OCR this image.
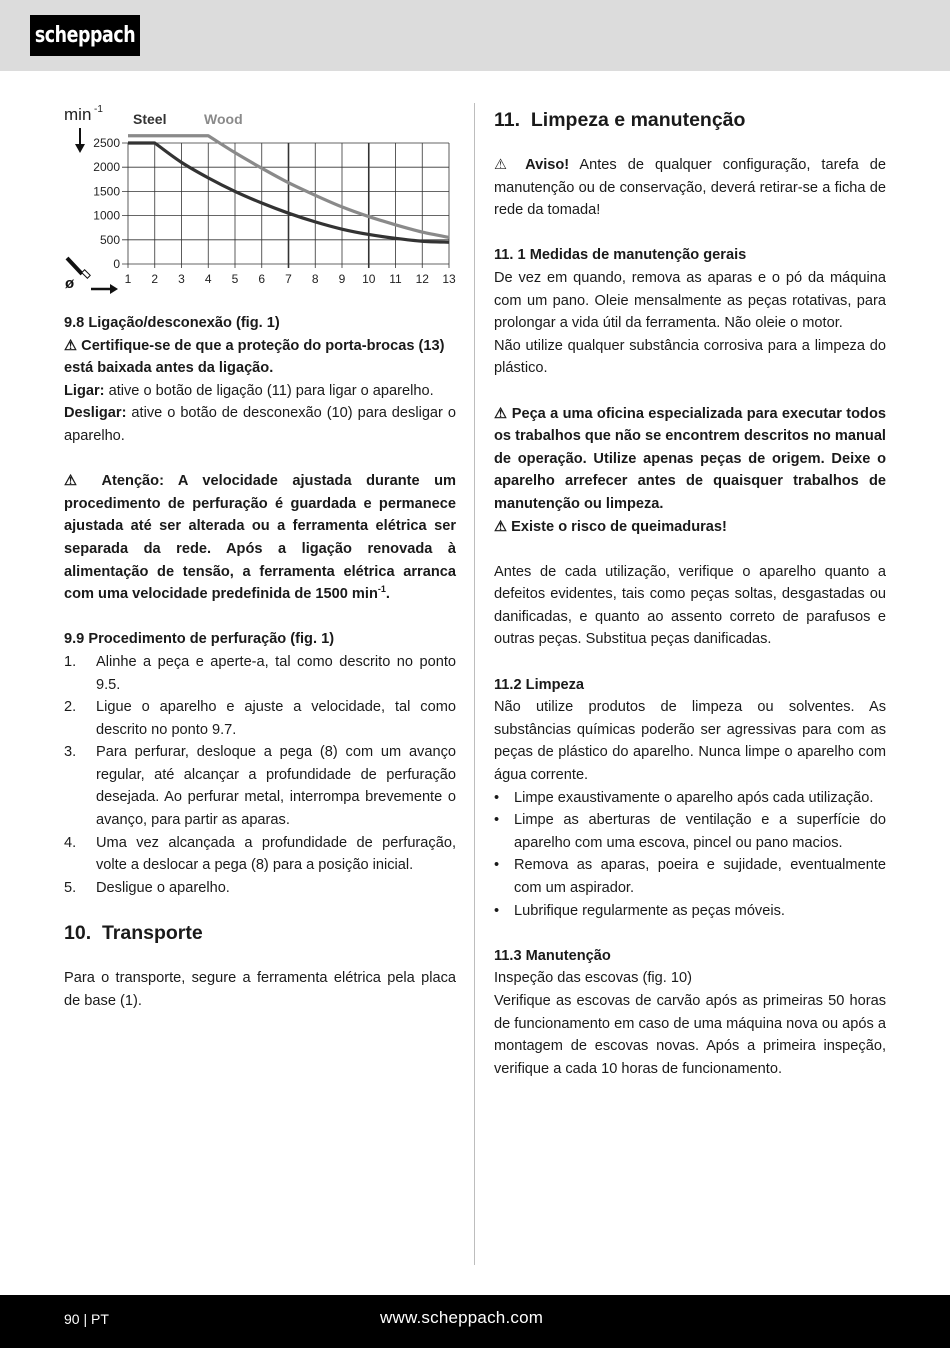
scheppach
0
500
1000
1500
2000
2500
1 2 3 4 5 6 7 8 9 10 11 12 13
Steel	Wood
min -1
ø

9.8 Ligação/desconexão (fig. 1)

⚠ Certifique-se de que a proteção do porta-brocas (13) está baixada antes da ligação.

Ligar: ative o botão de ligação (11) para ligar o aparelho.

Desligar: ative o botão de desconexão (10) para desligar o aparelho.

⚠ Atenção: A velocidade ajustada durante um procedimento de perfuração é guardada e permanece ajustada até ser alterada ou a ferramenta elétrica ser separada da rede. Após a ligação renovada à alimentação de tensão, a ferramenta elétrica arranca com uma velocidade predefinida de 1500 $\min^{-1}$.

9.9 Procedimento de perfuração (fig. 1)

1. Alinhe a peça e aperte-a, tal como descrito no ponto 9.5.
2. Ligue o aparelho e ajuste a velocidade, tal como descrito no ponto 9.7.
3. Para perfurar, desloque a pega (8) com um avanço regular, até alcançar a profundidade de perfuração desejada. Ao perfurar metal, interrompa brevemente o avanço, para partir as aparas.
4. Uma vez alcançada a profundidade de perfuração, volte a deslocar a pega (8) para a posição inicial.
5. Desligue o aparelho.

10.  Transporte

Para o transporte, segure a ferramenta elétrica pela placa de base (1).

11.  Limpeza e manutenção

⚠ Aviso! Antes de qualquer configuração, tarefa de manutenção ou de conservação, deverá retirar-se a ficha de rede da tomada!

11. 1 Medidas de manutenção gerais

De vez em quando, remova as aparas e o pó da máquina com um pano. Oleie mensalmente as peças rotativas, para prolongar a vida útil da ferramenta. Não oleie o motor.

Não utilize qualquer substância corrosiva para a limpeza do plástico.

⚠ Peça a uma oficina especializada para executar todos os trabalhos que não se encontrem descritos no manual de operação. Utilize apenas peças de origem. Deixe o aparelho arrefecer antes de quaisquer trabalhos de manutenção ou limpeza.

⚠ Existe o risco de queimaduras!

Antes de cada utilização, verifique o aparelho quanto a defeitos evidentes, tais como peças soltas, desgastadas ou danificadas, e quanto ao assento correto de parafusos e outras peças. Substitua peças danificadas.

11.2 Limpeza

Não utilize produtos de limpeza ou solventes. As substâncias químicas poderão ser agressivas para com as peças de plástico do aparelho. Nunca limpe o aparelho com água corrente.

• Limpe exaustivamente o aparelho após cada utilização.
• Limpe as aberturas de ventilação e a superfície do aparelho com uma escova, pincel ou pano macios.
• Remova as aparas, poeira e sujidade, eventualmente com um aspirador.
• Lubrifique regularmente as peças móveis.

11.3 Manutenção

Inspeção das escovas (fig. 10)

Verifique as escovas de carvão após as primeiras 50 horas de funcionamento em caso de uma máquina nova ou após a montagem de escovas novas. Após a primeira inspeção, verifique a cada 10 horas de funcionamento.

90 | PT	www.scheppach.com
